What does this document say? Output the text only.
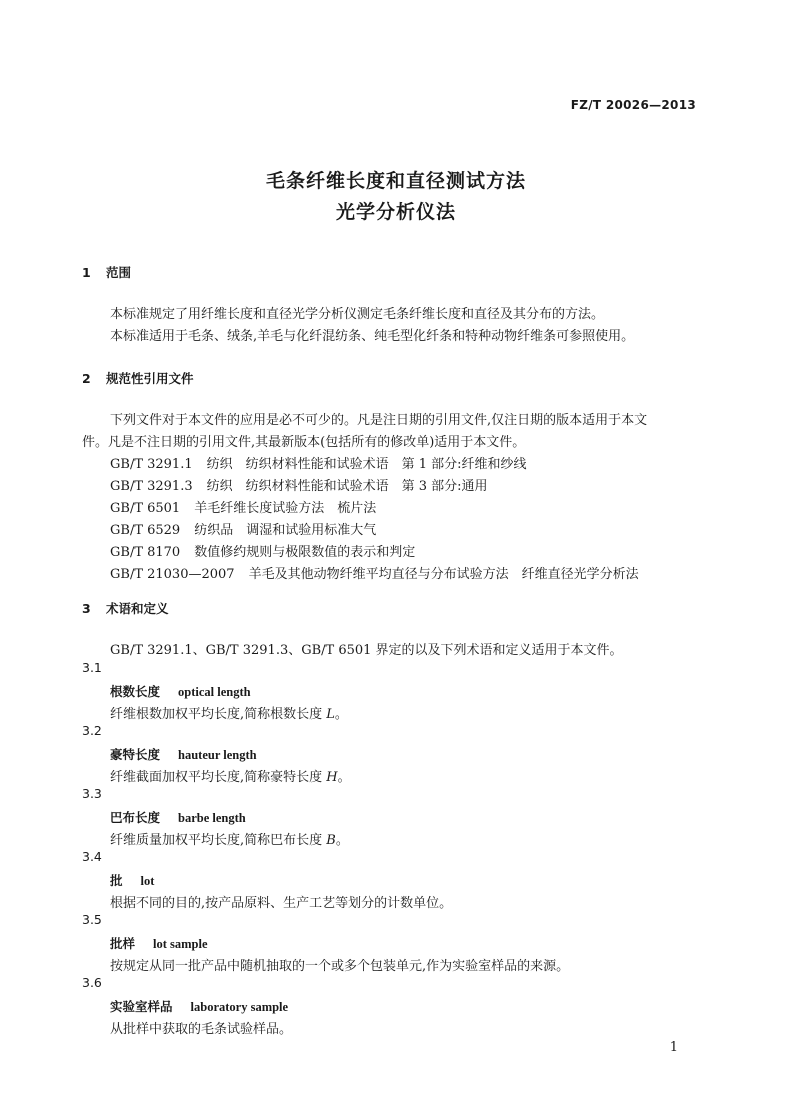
FZ/T 20026—2013
毛条纤维长度和直径测试方法
光学分析仪法
1 范围
本标准规定了用纤维长度和直径光学分析仪测定毛条纤维长度和直径及其分布的方法。
本标准适用于毛条、绒条,羊毛与化纤混纺条、纯毛型化纤条和特种动物纤维条可参照使用。
2 规范性引用文件
下列文件对于本文件的应用是必不可少的。凡是注日期的引用文件,仅注日期的版本适用于本文
件。凡是不注日期的引用文件,其最新版本(包括所有的修改单)适用于本文件。
GB/T 3291.1 纺织　纺织材料性能和试验术语　第 1 部分:纤维和纱线
GB/T 3291.3 纺织　纺织材料性能和试验术语　第 3 部分:通用
GB/T 6501 羊毛纤维长度试验方法　梳片法
GB/T 6529 纺织品　调湿和试验用标准大气
GB/T 8170 数值修约规则与极限数值的表示和判定
GB/T 21030—2007 羊毛及其他动物纤维平均直径与分布试验方法　纤维直径光学分析法
3 术语和定义
GB/T 3291.1、GB/T 3291.3、GB/T 6501 界定的以及下列术语和定义适用于本文件。
3.1
根数长度 optical length
纤维根数加权平均长度,简称根数长度 L。
3.2
豪特长度 hauteur length
纤维截面加权平均长度,简称豪特长度 H。
3.3
巴布长度 barbe length
纤维质量加权平均长度,简称巴布长度 B。
3.4
批 lot
根据不同的目的,按产品原料、生产工艺等划分的计数单位。
3.5
批样 lot sample
按规定从同一批产品中随机抽取的一个或多个包装单元,作为实验室样品的来源。
3.6
实验室样品 laboratory sample
从批样中获取的毛条试验样品。
1
